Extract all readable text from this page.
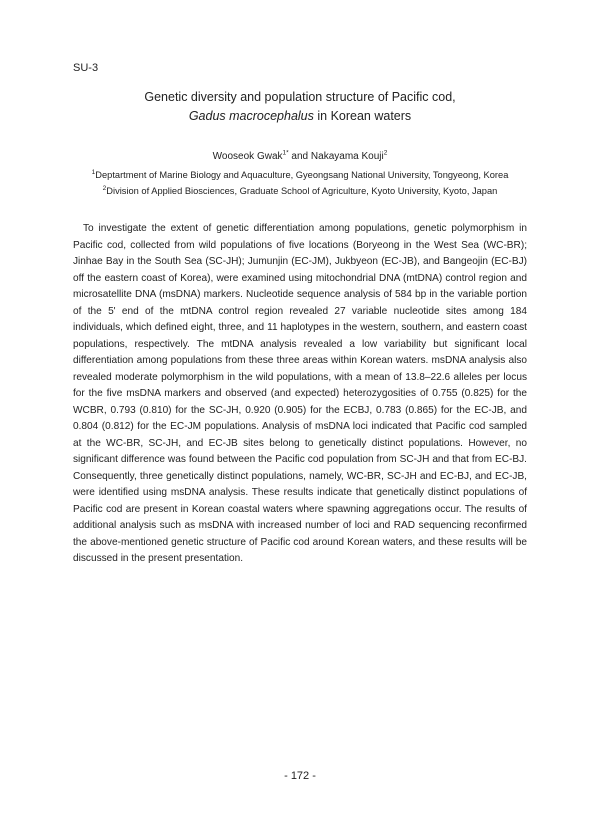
SU-3
Genetic diversity and population structure of Pacific cod,
Gadus macrocephalus in Korean waters
Wooseok Gwak$^{1*}$ and Nakayama Kouji$^2$
$^1$Deptartment of Marine Biology and Aquaculture, Gyeongsang National University, Tongyeong, Korea
$^2$Division of Applied Biosciences, Graduate School of Agriculture, Kyoto University, Kyoto, Japan

To investigate the extent of genetic differentiation among populations, genetic polymorphism in Pacific cod, collected from wild populations of five locations (Boryeong in the West Sea (WC-BR); Jinhae Bay in the South Sea (SC-JH); Jumunjin (EC-JM), Jukbyeon (EC-JB), and Bangeojin (EC-BJ) off the eastern coast of Korea), were examined using mitochondrial DNA (mtDNA) control region and microsatellite DNA (msDNA) markers. Nucleotide sequence analysis of 584 bp in the variable portion of the 5' end of the mtDNA control region revealed 27 variable nucleotide sites among 184 individuals, which defined eight, three, and 11 haplotypes in the western, southern, and eastern coast populations, respectively. The mtDNA analysis revealed a low variability but significant local differentiation among populations from these three areas within Korean waters. msDNA analysis also revealed moderate polymorphism in the wild populations, with a mean of 13.8–22.6 alleles per locus for the five msDNA markers and observed (and expected) heterozygosities of 0.755 (0.825) for the WCBR, 0.793 (0.810) for the SC-JH, 0.920 (0.905) for the ECBJ, 0.783 (0.865) for the EC-JB, and 0.804 (0.812) for the EC-JM populations. Analysis of msDNA loci indicated that Pacific cod sampled at the WC-BR, SC-JH, and EC-JB sites belong to genetically distinct populations. However, no significant difference was found between the Pacific cod population from SC-JH and that from EC-BJ. Consequently, three genetically distinct populations, namely, WC-BR, SC-JH and EC-BJ, and EC-JB, were identified using msDNA analysis. These results indicate that genetically distinct populations of Pacific cod are present in Korean coastal waters where spawning aggregations occur. The results of additional analysis such as msDNA with increased number of loci and RAD sequencing reconfirmed the above-mentioned genetic structure of Pacific cod around Korean waters, and these results will be discussed in the present presentation.

- 172 -
